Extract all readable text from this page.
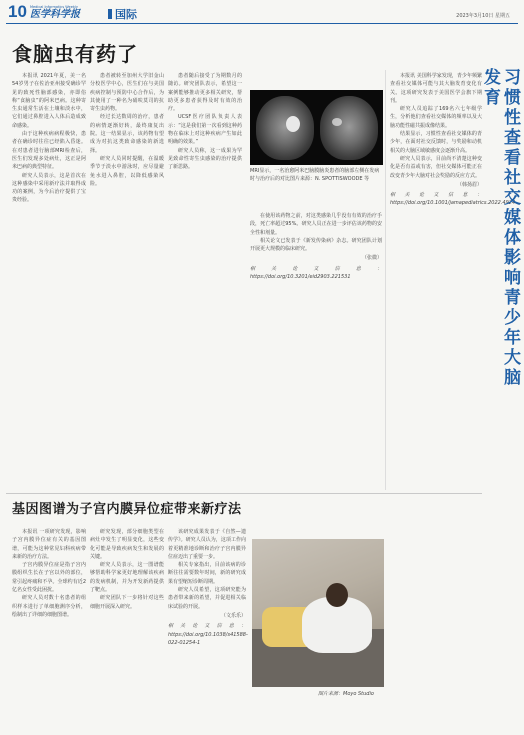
10 Medical Informatics Weekly
医学科学报	国际	2023年3月10日 星期五
食脑虫有药了

本报讯 2021年夏，美一名54岁男子在佐治亚州接受确诊罕见的致死性脑部感染，亦即俗称“食脑虫”的阿米巴病。这种寄生虫通常生活在土壤和淡水中，它们通过鼻腔进入人体后造成致命感染。

由于这种疾病病程极快，患者在确诊时往往已经陷入昏迷。在对患者进行脑部MRI检查后，医生们发现多处病灶，这正是阿米巴病的典型特征。

研究人员表示，这是首次在这种感染中采用新疗法并取得成功的案例，为今后治疗提供了宝贵经验。

患者被转至加州大学旧金山分校医学中心，医生们在与美国疾病控制与预防中心合作后，为其使用了一种名为硝呋莫司的抗寄生虫药物。

经过长达数周的治疗，患者的病情逐渐好转，最终康复出院。这一结果显示，该药物有望成为对抗这类致命感染的新选择。

研究人员同时提醒，在温暖季节于淡水中游泳时，应尽量避免水进入鼻腔，以降低感染风险。

患者随后接受了为期数月的随访。研究团队表示，希望这一案例能够推动更多相关研究，帮助更多患者获得及时有效的治疗。

UCSF医疗团队负责人表示：“这是我们第一次看到这种药物在临床上对这种疾病产生如此明确的效果。”

研究人员称，这一成果为罕见致命性寄生虫感染的治疗提供了新思路。

MRI显示，一名治愈阿米巴脑膜脑炎患者的脑部左侧在发病时与治疗后的对比图片来源：N. SPOTTISWOODE 等

在使用该药物之前，对这类感染几乎没有有效的治疗手段，死亡率超过95%。研究人员正在进一步评估该药物的安全性和剂量。

相关论文已发表于《新发传染病》杂志。研究团队计划开展更大规模的临床研究。

（张微）
相关论文信息：https://doi.org/10.3201/eid2903.221531

本报讯 美国科学家发现，青少年频繁查看社交媒体可能与其大脑发育变化有关。这项研究发表于美国医学会旗下期刊。

研究人员追踪了169名六七年级学生，分析他们查看社交媒体的频率以及大脑功能性磁共振成像结果。

结果显示，习惯性查看社交媒体的青少年，在面对社交反馈时，与奖励和动机相关的大脑区域敏感度会逐渐升高。

研究人员表示，目前尚不清楚这种变化是否有益或有害，但社交媒体可能正在改变青少年大脑对社会奖励的反应方式。

（韩扬眉）
相关论文信息：https://doi.org/10.1001/jamapediatrics.2022.4924
习惯性查看社交媒体影响青少年大脑发育
基因图谱为子宫内膜异位症带来新疗法

本报讯 一项研究发现，影响子宫内膜异位症有关的基因图谱，可能为这种常见妇科疾病带来新的治疗方法。

子宫内膜异位症是指子宫内膜组织生长在子宫以外的部位，常引起疼痛和不孕。全球约有近2亿名女性受此困扰。

研究人员对数十名患者的组织样本进行了单细胞测序分析，绘制出了详细的细胞图谱。

研究发现，部分细胞类型在病灶中发生了明显变化，这些变化可能是导致疾病发生和发展的关键。

研究人员表示，这一图谱能够帮助科学家更好地理解该疾病的发病机制，并为开发新药提供了靶点。

研究团队下一步将针对这些细胞开展深入研究。

该研究成果发表于《自然—遗传学》。研究人员认为，这项工作向着更精准地诊断和治疗子宫内膜异位症迈出了重要一步。

相关专家指出，目前该病的诊断往往需要数年时间，新的研究成果有望缩短诊断周期。

研究人员希望，这项研究能为患者带来新的希望，并促进相关临床试验的开展。

（文乐乐）
相关论文信息：https://doi.org/10.1038/s41588-022-01254-1
图片来源：Moyo Studio
